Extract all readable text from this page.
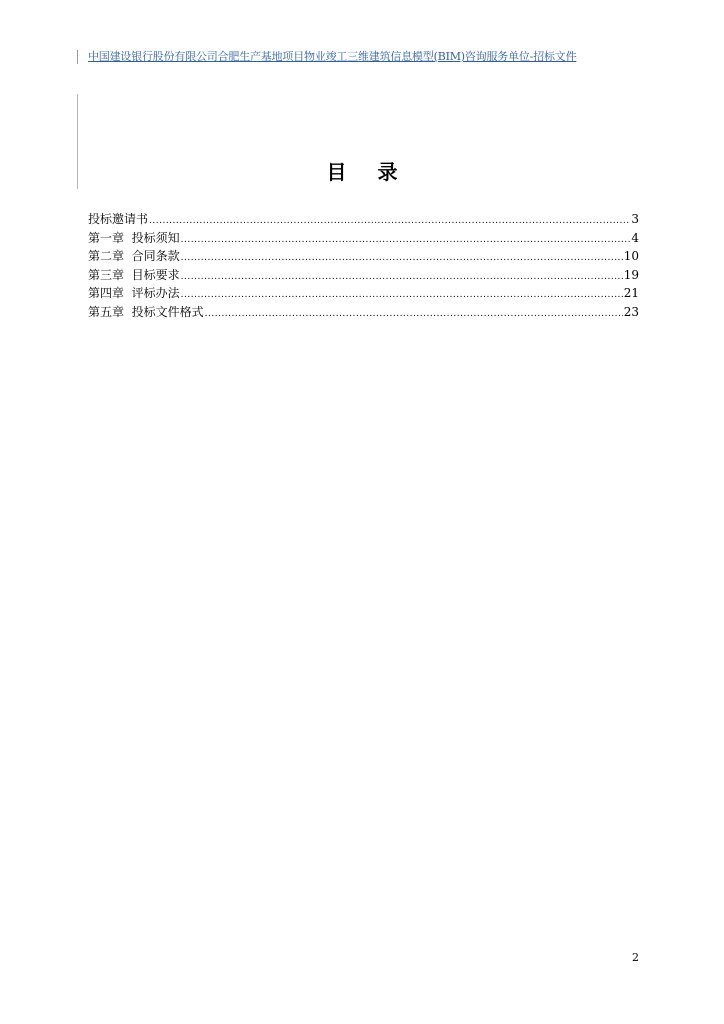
中国建设银行股份有限公司合肥生产基地项目物业竣工三维建筑信息模型(BIM)咨询服务单位-招标文件
目 录
投标邀请书 .....	3
第一章  投标须知 .....	4
第二章  合同条款 .....	10
第三章  目标要求 .....	19
第四章  评标办法 .....	21
第五章  投标文件格式 .....	23
2
